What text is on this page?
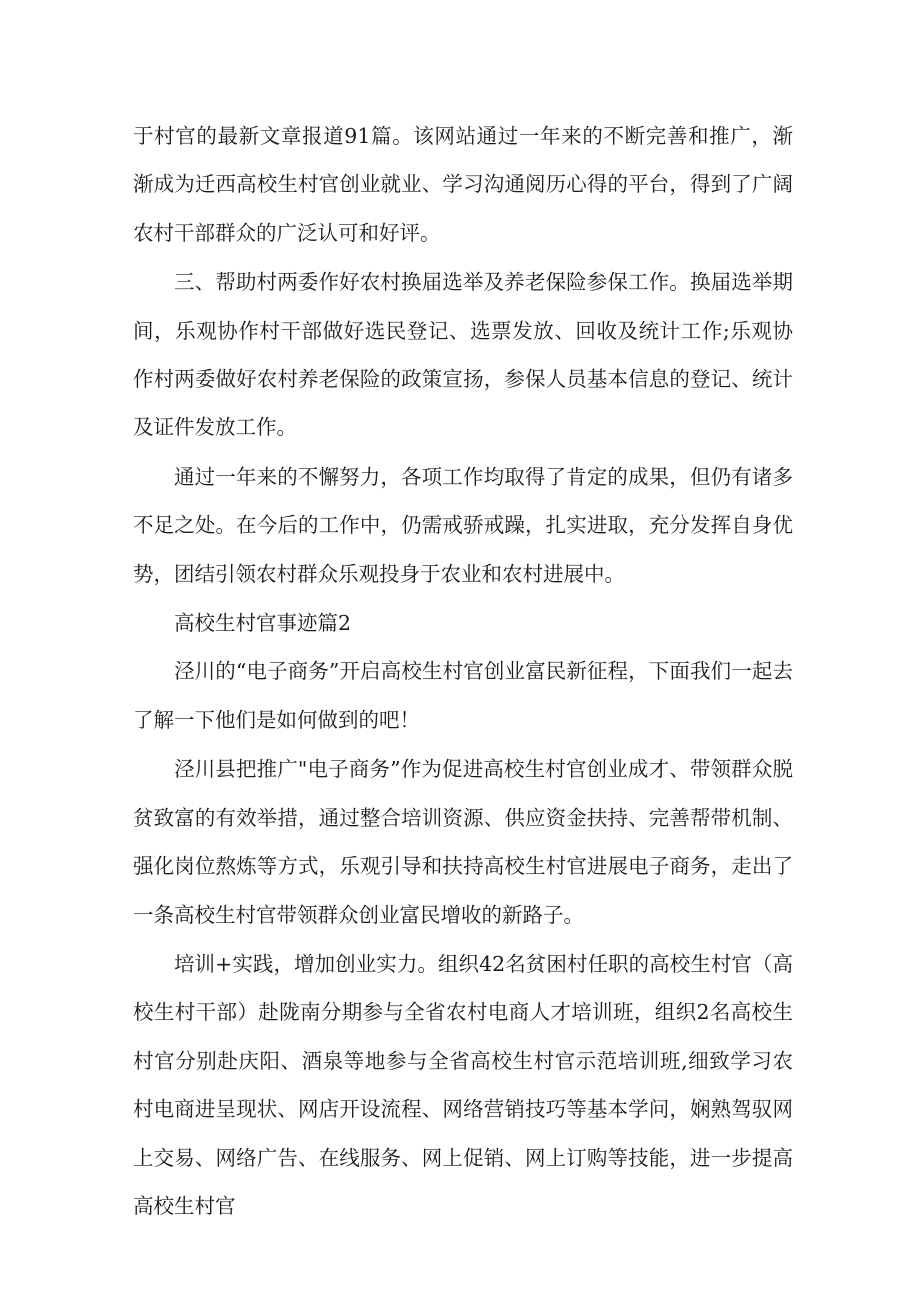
于村官的最新文章报道91篇。该网站通过一年来的不断完善和推广，渐渐成为迁西高校生村官创业就业、学习沟通阅历心得的平台，得到了广阔农村干部群众的广泛认可和好评。

三、帮助村两委作好农村换届选举及养老保险参保工作。换届选举期间，乐观协作村干部做好选民登记、选票发放、回收及统计工作;乐观协作村两委做好农村养老保险的政策宣扬，参保人员基本信息的登记、统计及证件发放工作。

通过一年来的不懈努力，各项工作均取得了肯定的成果，但仍有诸多不足之处。在今后的工作中，仍需戒骄戒躁，扎实进取，充分发挥自身优势，团结引领农村群众乐观投身于农业和农村进展中。

高校生村官事迹篇2

泾川的“电子商务”开启高校生村官创业富民新征程，下面我们一起去了解一下他们是如何做到的吧！

泾川县把推广"电子商务”作为促进高校生村官创业成才、带领群众脱贫致富的有效举措，通过整合培训资源、供应资金扶持、完善帮带机制、强化岗位熬炼等方式，乐观引导和扶持高校生村官进展电子商务，走出了一条高校生村官带领群众创业富民增收的新路子。

培训+实践，增加创业实力。组织42名贫困村任职的高校生村官（高校生村干部）赴陇南分期参与全省农村电商人才培训班，组织2名高校生村官分别赴庆阳、酒泉等地参与全省高校生村官示范培训班,细致学习农村电商进呈现状、网店开设流程、网络营销技巧等基本学问，娴熟驾驭网上交易、网络广告、在线服务、网上促销、网上订购等技能，进一步提高高校生村官
